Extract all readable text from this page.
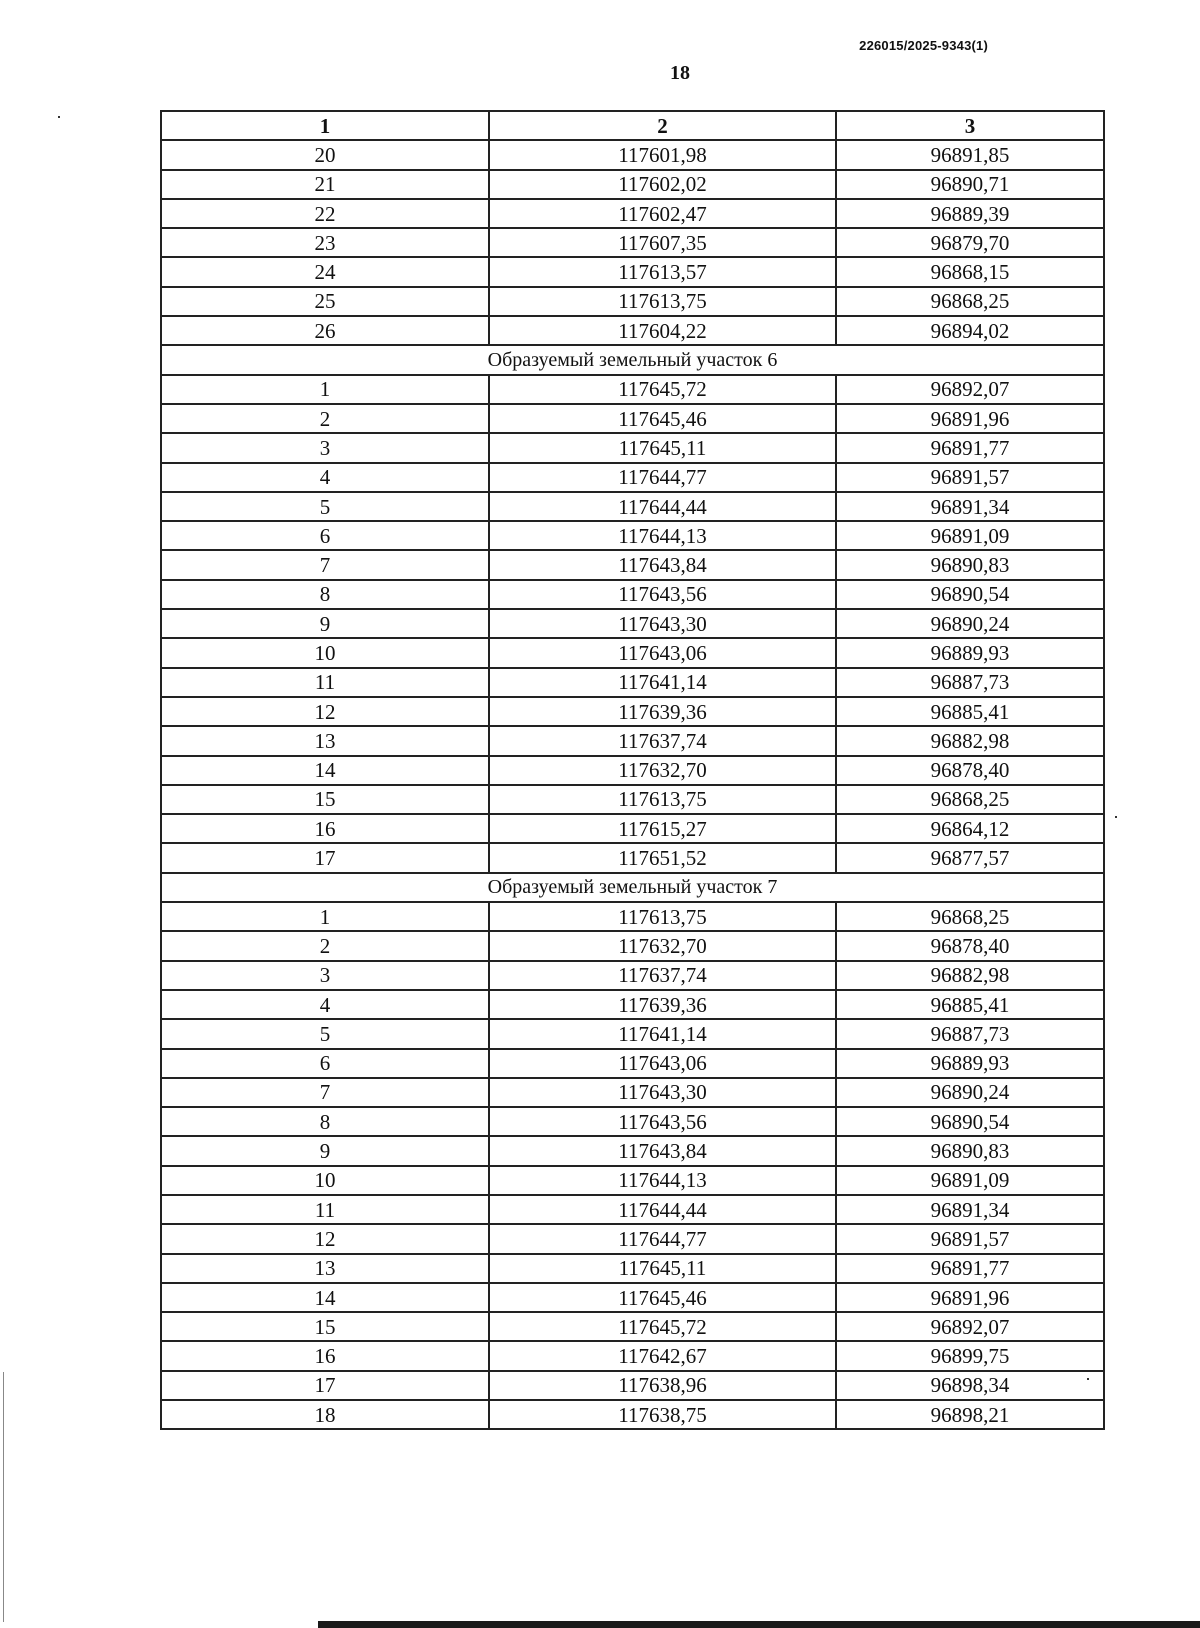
226015/2025-9343(1)
18
1	2	3
20	117601,98	96891,85
21	117602,02	96890,71
22	117602,47	96889,39
23	117607,35	96879,70
24	117613,57	96868,15
25	117613,75	96868,25
26	117604,22	96894,02
Образуемый земельный участок 6		
1	117645,72	96892,07
2	117645,46	96891,96
3	117645,11	96891,77
4	117644,77	96891,57
5	117644,44	96891,34
6	117644,13	96891,09
7	117643,84	96890,83
8	117643,56	96890,54
9	117643,30	96890,24
10	117643,06	96889,93
11	117641,14	96887,73
12	117639,36	96885,41
13	117637,74	96882,98
14	117632,70	96878,40
15	117613,75	96868,25
16	117615,27	96864,12
17	117651,52	96877,57
Образуемый земельный участок 7		
1	117613,75	96868,25
2	117632,70	96878,40
3	117637,74	96882,98
4	117639,36	96885,41
5	117641,14	96887,73
6	117643,06	96889,93
7	117643,30	96890,24
8	117643,56	96890,54
9	117643,84	96890,83
10	117644,13	96891,09
11	117644,44	96891,34
12	117644,77	96891,57
13	117645,11	96891,77
14	117645,46	96891,96
15	117645,72	96892,07
16	117642,67	96899,75
17	117638,96	96898,34
18	117638,75	96898,21
